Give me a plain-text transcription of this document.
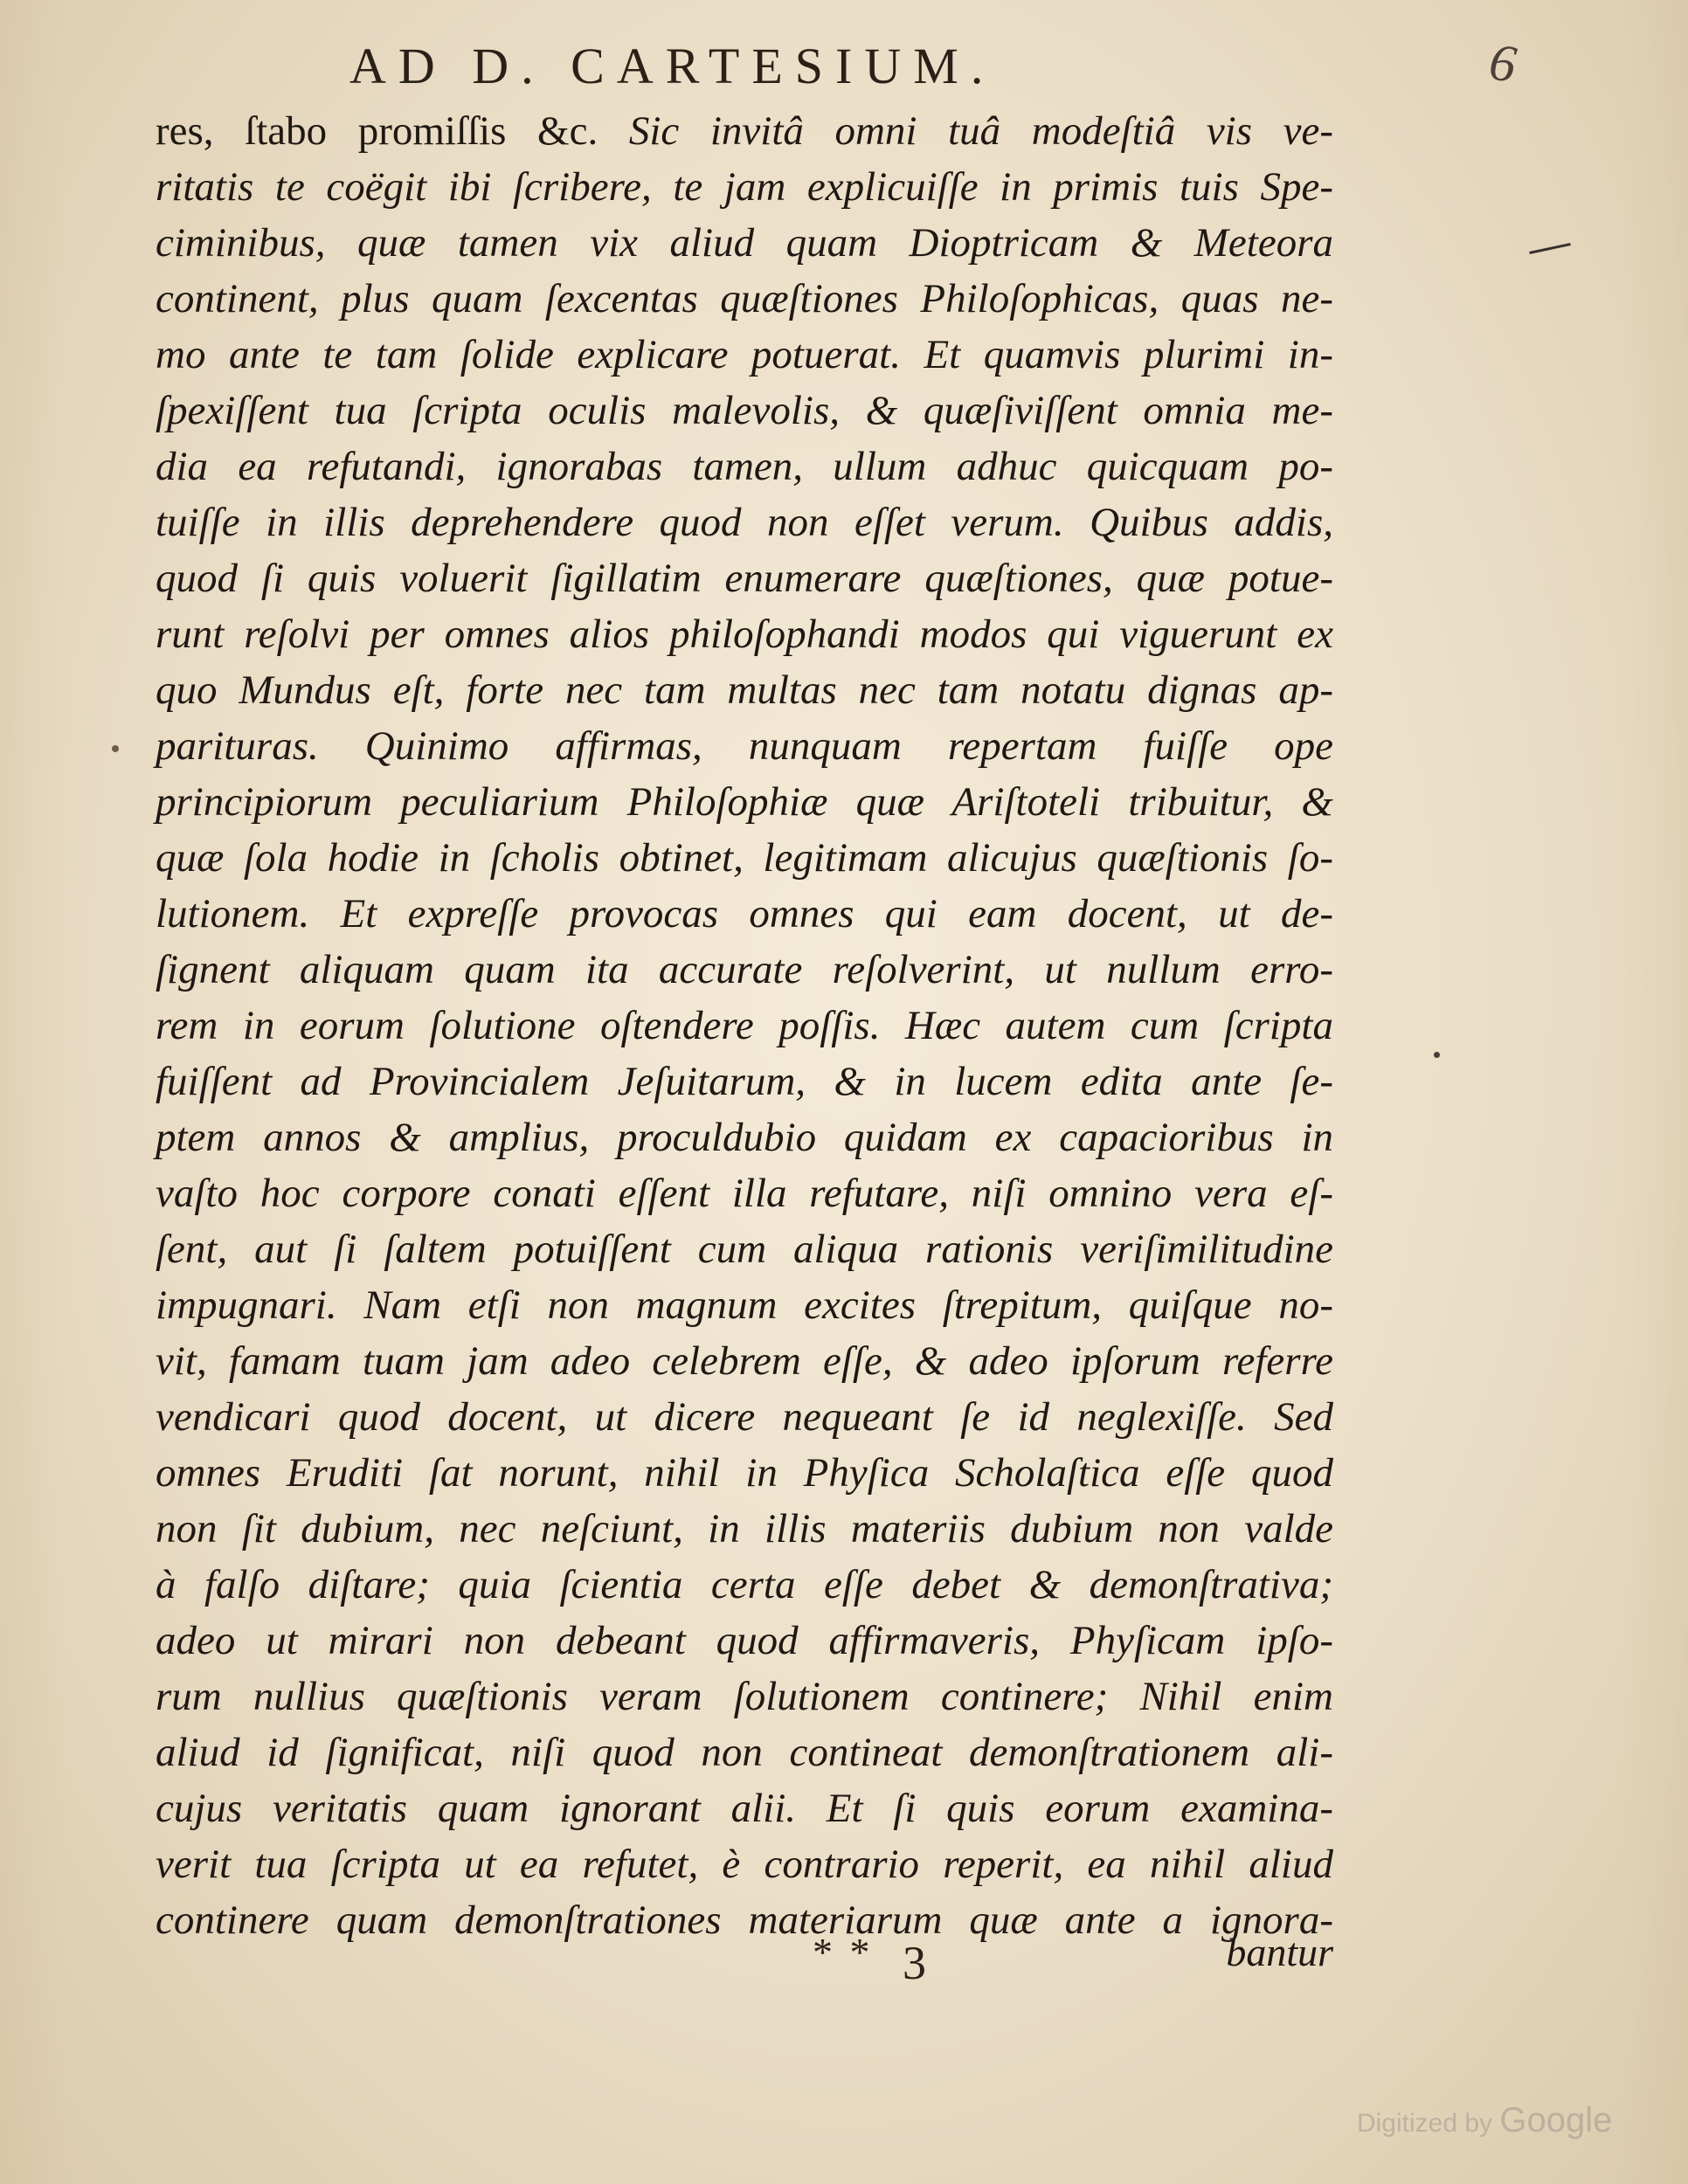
AD D. CARTESIUM.	6
res, ſtabo promiſſis &c. Sic invitâ omni tuâ modeſtiâ vis ve-
ritatis te coëgit ibi ſcribere, te jam explicuiſſe in primis tuis Spe-
ciminibus, quæ tamen vix aliud quam Dioptricam & Meteora
continent, plus quam ſexcentas quæſtiones Philoſophicas, quas ne-
mo ante te tam ſolide explicare potuerat. Et quamvis plurimi in-
ſpexiſſent tua ſcripta oculis malevolis, & quæſiviſſent omnia me-
dia ea refutandi, ignorabas tamen, ullum adhuc quicquam po-
tuiſſe in illis deprehendere quod non eſſet verum. Quibus addis,
quod ſi quis voluerit ſigillatim enumerare quæſtiones, quæ potue-
runt reſolvi per omnes alios philoſophandi modos qui viguerunt ex
quo Mundus eſt, forte nec tam multas nec tam notatu dignas ap-
parituras. Quinimo affirmas, nunquam repertam fuiſſe ope
principiorum peculiarium Philoſophiæ quæ Ariſtoteli tribuitur, &
quæ ſola hodie in ſcholis obtinet, legitimam alicujus quæſtionis ſo-
lutionem. Et expreſſe provocas omnes qui eam docent, ut de-
ſignent aliquam quam ita accurate reſolverint, ut nullum erro-
rem in eorum ſolutione oſtendere poſſis. Hæc autem cum ſcripta
fuiſſent ad Provincialem Jeſuitarum, & in lucem edita ante ſe-
ptem annos & amplius, proculdubio quidam ex capacioribus in
vaſto hoc corpore conati eſſent illa refutare, niſi omnino vera eſ-
ſent, aut ſi ſaltem potuiſſent cum aliqua rationis veriſimilitudine
impugnari. Nam etſi non magnum excites ſtrepitum, quiſque no-
vit, famam tuam jam adeo celebrem eſſe, & adeo ipſorum referre
vendicari quod docent, ut dicere nequeant ſe id neglexiſſe. Sed
omnes Eruditi ſat norunt, nihil in Phyſica Scholaſtica eſſe quod
non ſit dubium, nec neſciunt, in illis materiis dubium non valde
à falſo diſtare; quia ſcientia certa eſſe debet & demonſtrativa;
adeo ut mirari non debeant quod affirmaveris, Phyſicam ipſo-
rum nullius quæſtionis veram ſolutionem continere; Nihil enim
aliud id ſignificat, niſi quod non contineat demonſtrationem ali-
cujus veritatis quam ignorant alii. Et ſi quis eorum examina-
verit tua ſcripta ut ea refutet, è contrario reperit, ea nihil aliud
continere quam demonſtrationes materiarum quæ ante a ignora-
* * 3	bantur
Digitized by Google
